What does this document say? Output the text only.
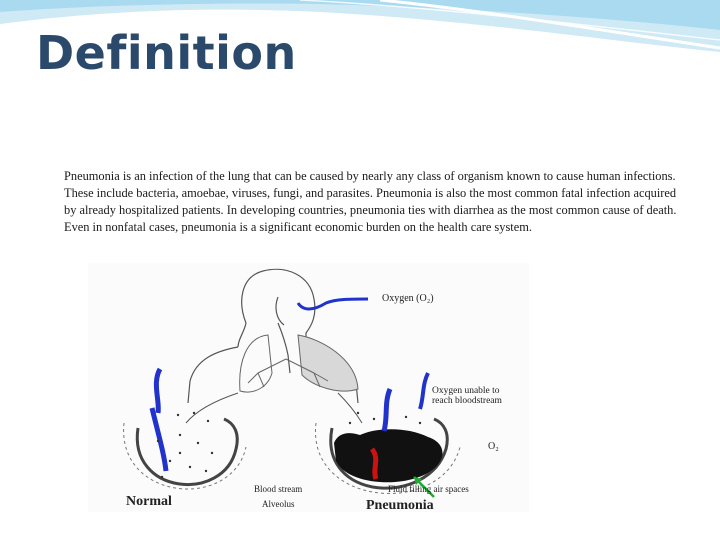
Definition

Pneumonia is an infection of the lung that can be caused by nearly any class of organism known to cause human infections. These include bacteria, amoebae, viruses, fungi, and parasites. Pneumonia is also the most common fatal infection acquired by already hospitalized patients. In developing countries, pneumonia ties with diarrhea as the most common cause of death. Even in nonfatal cases, pneumonia is a significant economic burden on the health care system.

Oxygen (O₂)
Oxygen unable to
reach bloodstream
O₂
Blood stream
Alveolus
Fluid filling air spaces
Normal	Pneumonia
